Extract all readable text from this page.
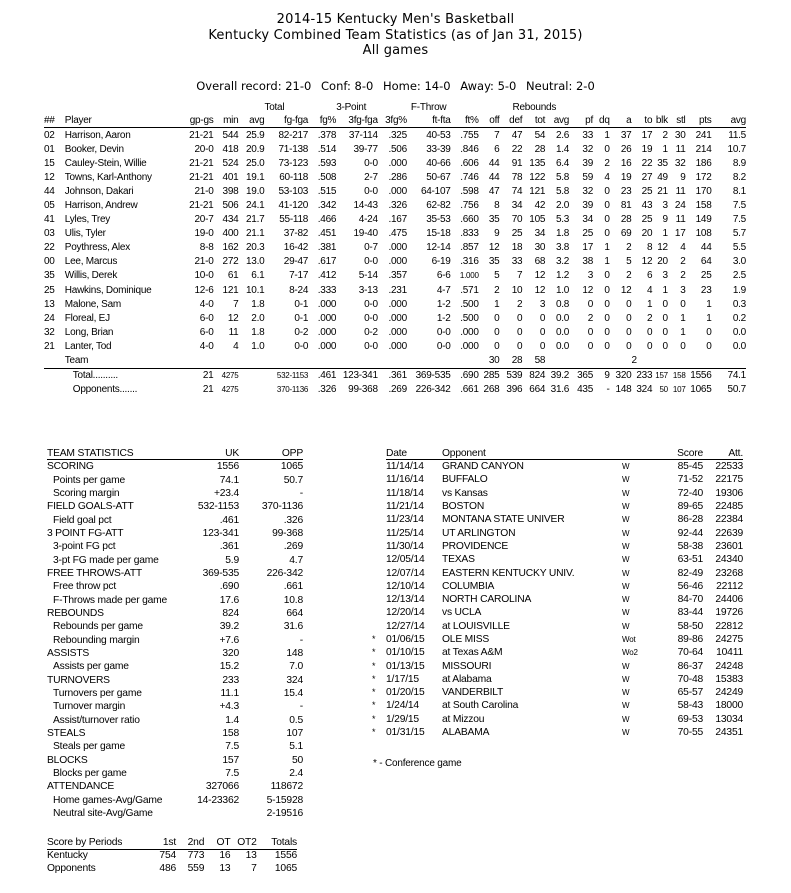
2014-15 Kentucky Men's Basketball
Kentucky Combined Team Statistics (as of Jan 31, 2015)
All games
Overall record: 21-0 Conf: 8-0 Home: 14-0 Away: 5-0 Neutral: 2-0
					Total		3-Point		F-Throw			Rebounds										
##	Player	gp-gs	min	avg	fg-fga	fg%	3fg-fga	3fg%	ft-fta	ft%	off	def	tot	avg	pf	dq	a	to	blk	stl	pts	avg
02	Harrison, Aaron	21-21	544	25.9	82-217	.378	37-114	.325	40-53	.755	7	47	54	2.6	33	1	37	17	2	30	241	11.5
01	Booker, Devin	20-0	418	20.9	71-138	.514	39-77	.506	33-39	.846	6	22	28	1.4	32	0	26	19	1	11	214	10.7
15	Cauley-Stein, Willie	21-21	524	25.0	73-123	.593	0-0	.000	40-66	.606	44	91	135	6.4	39	2	16	22	35	32	186	8.9
12	Towns, Karl-Anthony	21-21	401	19.1	60-118	.508	2-7	.286	50-67	.746	44	78	122	5.8	59	4	19	27	49	9	172	8.2
44	Johnson, Dakari	21-0	398	19.0	53-103	.515	0-0	.000	64-107	.598	47	74	121	5.8	32	0	23	25	21	11	170	8.1
05	Harrison, Andrew	21-21	506	24.1	41-120	.342	14-43	.326	62-82	.756	8	34	42	2.0	39	0	81	43	3	24	158	7.5
41	Lyles, Trey	20-7	434	21.7	55-118	.466	4-24	.167	35-53	.660	35	70	105	5.3	34	0	28	25	9	11	149	7.5
03	Ulis, Tyler	19-0	400	21.1	37-82	.451	19-40	.475	15-18	.833	9	25	34	1.8	25	0	69	20	1	17	108	5.7
22	Poythress, Alex	8-8	162	20.3	16-42	.381	0-7	.000	12-14	.857	12	18	30	3.8	17	1	2	8	12	4	44	5.5
00	Lee, Marcus	21-0	272	13.0	29-47	.617	0-0	.000	6-19	.316	35	33	68	3.2	38	1	5	12	20	2	64	3.0
35	Willis, Derek	10-0	61	6.1	7-17	.412	5-14	.357	6-6	1.000	5	7	12	1.2	3	0	2	6	3	2	25	2.5
25	Hawkins, Dominique	12-6	121	10.1	8-24	.333	3-13	.231	4-7	.571	2	10	12	1.0	12	0	12	4	1	3	23	1.9
13	Malone, Sam	4-0	7	1.8	0-1	.000	0-0	.000	1-2	.500	1	2	3	0.8	0	0	0	1	0	0	1	0.3
24	Floreal, EJ	6-0	12	2.0	0-1	.000	0-0	.000	1-2	.500	0	0	0	0.0	2	0	0	2	0	1	1	0.2
32	Long, Brian	6-0	11	1.8	0-2	.000	0-2	.000	0-0	.000	0	0	0	0.0	0	0	0	0	0	1	0	0.0
21	Lanter, Tod	4-0	4	1.0	0-0	.000	0-0	.000	0-0	.000	0	0	0	0.0	0	0	0	0	0	0	0	0.0
	Team										30	28	58					2				
	Total..........	21	4275		532-1153	.461	123-341	.361	369-535	.690	285	539	824	39.2	365	9	320	233	157	158	1556	74.1
	Opponents.......	21	4275		370-1136	.326	99-368	.269	226-342	.661	268	396	664	31.6	435	-	148	324	50	107	1065	50.7
TEAM STATISTICS	UK	OPP
SCORING	1556	1065
Points per game	74.1	50.7
Scoring margin	+23.4	-
FIELD GOALS-ATT	532-1153	370-1136
Field goal pct	.461	.326
3 POINT FG-ATT	123-341	99-368
3-point FG pct	.361	.269
3-pt FG made per game	5.9	4.7
FREE THROWS-ATT	369-535	226-342
Free throw pct	.690	.661
F-Throws made per game	17.6	10.8
REBOUNDS	824	664
Rebounds per game	39.2	31.6
Rebounding margin	+7.6	-
ASSISTS	320	148
Assists per game	15.2	7.0
TURNOVERS	233	324
Turnovers per game	11.1	15.4
Turnover margin	+4.3	-
Assist/turnover ratio	1.4	0.5
STEALS	158	107
Steals per game	7.5	5.1
BLOCKS	157	50
Blocks per game	7.5	2.4
ATTENDANCE	327066	118672
Home games-Avg/Game	14-23362	5-15928
Neutral site-Avg/Game		2-19516
Date	Opponent		Score	Att.

11/14/14	GRAND CANYON	W	85-45	22533

11/16/14	BUFFALO	W	71-52	22175

11/18/14	vs Kansas	W	72-40	19306

11/21/14	BOSTON	W	89-65	22485

11/23/14	MONTANA STATE UNIVER	W	86-28	22384

11/25/14	UT ARLINGTON	W	92-44	22639

11/30/14	PROVIDENCE	W	58-38	23601

12/05/14	TEXAS	W	63-51	24340

12/07/14	EASTERN KENTUCKY UNIV.	W	82-49	23268

12/10/14	COLUMBIA	W	56-46	22112

12/13/14	NORTH CAROLINA	W	84-70	24406

12/20/14	vs UCLA	W	83-44	19726

12/27/14	at LOUISVILLE	W	58-50	22812

* 01/06/15	OLE MISS	Wot	89-86	24275

* 01/10/15	at Texas A&M	Wo2	70-64	10411

* 01/13/15	MISSOURI	W	86-37	24248

* 1/17/15	at Alabama	W	70-48	15383

* 01/20/15	VANDERBILT	W	65-57	24249

* 1/24/14	at South Carolina	W	58-43	18000

* 1/29/15	at Mizzou	W	69-53	13034

* 01/31/15	ALABAMA	W	70-55	24351
* - Conference game
Score by Periods	1st	2nd	OT	OT2	Totals
Kentucky	754	773	16	13	1556
Opponents	486	559	13	7	1065
